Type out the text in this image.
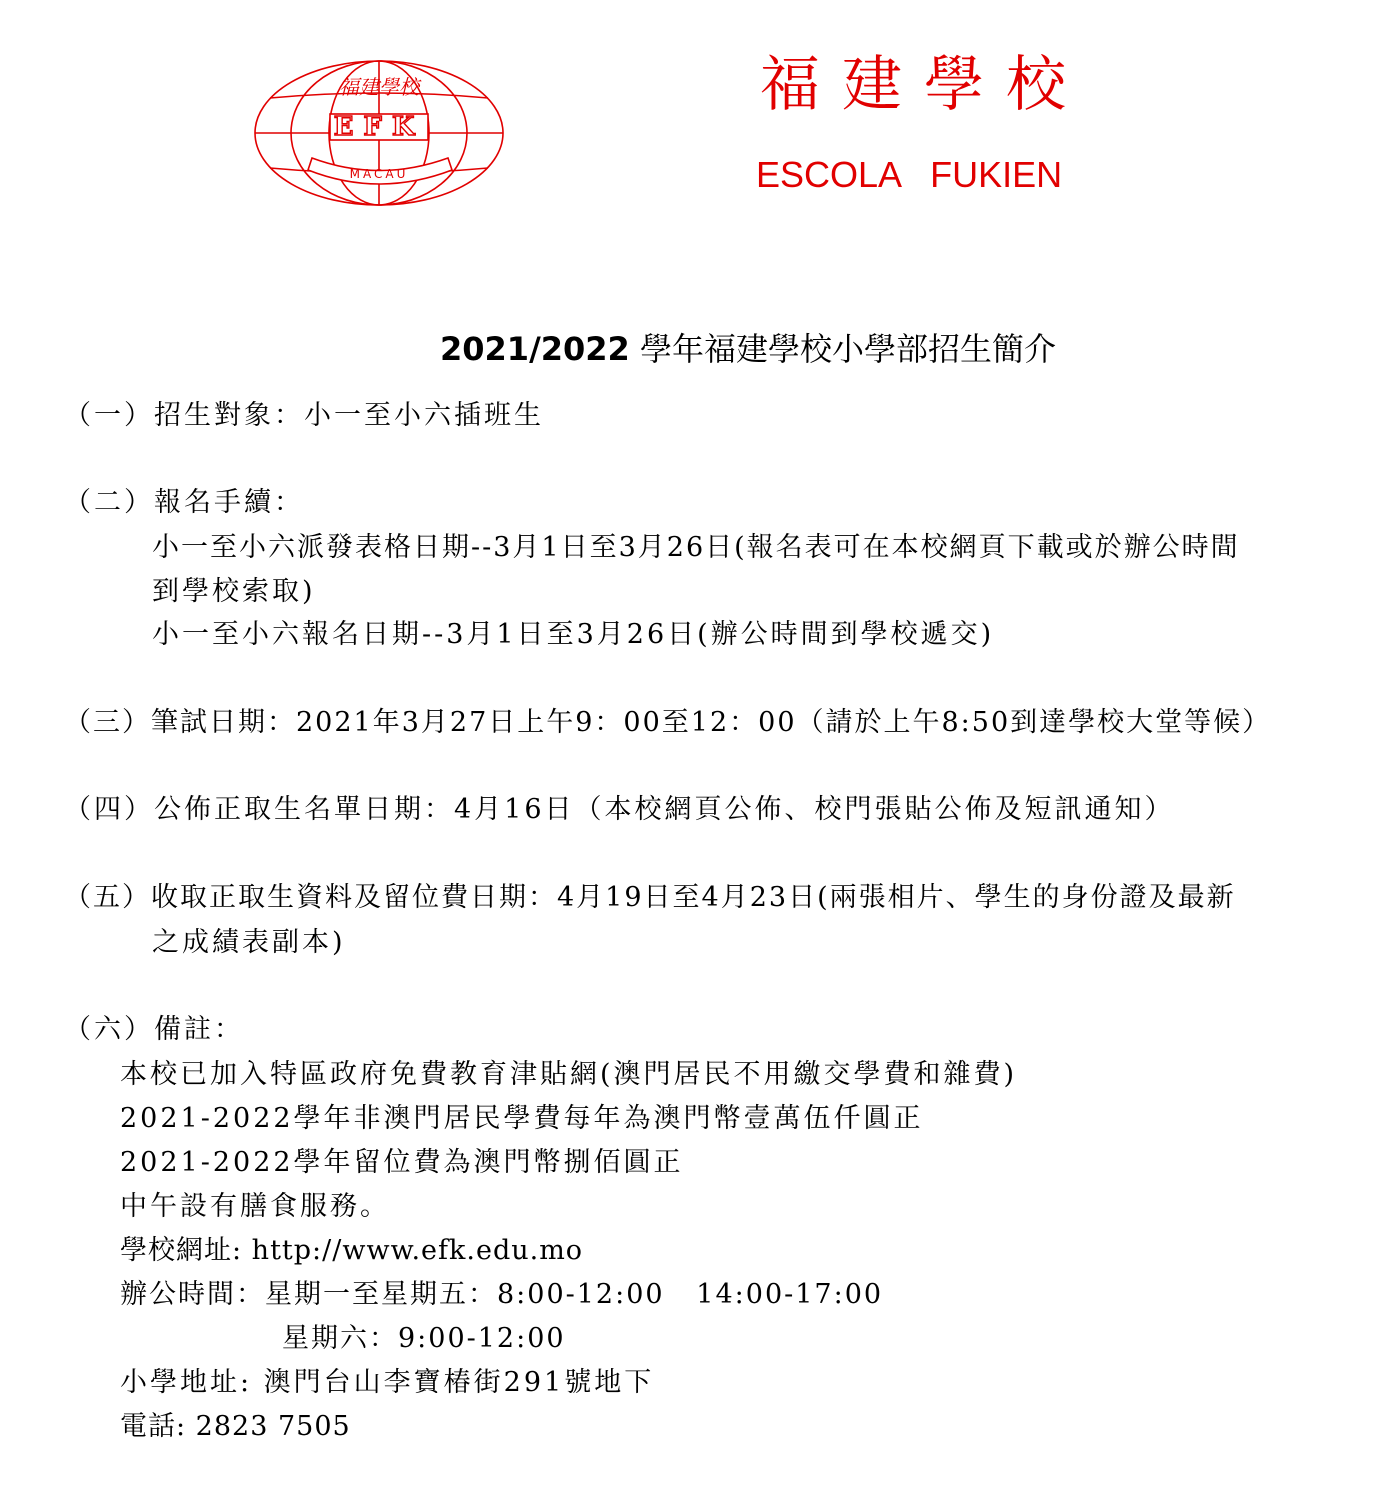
福建學校
EFK
MACAU
福建學校
ESCOLA   FUKIEN
2021/2022 學年福建學校小學部招生簡介
（一）招生對象：小一至小六插班生
（二）報名手續：
小一至小六派發表格日期--3月1日至3月26日(報名表可在本校網頁下載或於辦公時間
到學校索取)
小一至小六報名日期--3月1日至3月26日(辦公時間到學校遞交)
（三）筆試日期：2021年3月27日上午9：00至12：00（請於上午8:50到達學校大堂等候）
（四）公佈正取生名單日期：4月16日（本校網頁公佈、校門張貼公佈及短訊通知）
（五）收取正取生資料及留位費日期：4月19日至4月23日(兩張相片、學生的身份證及最新
之成績表副本)
（六）備註：
本校已加入特區政府免費教育津貼網(澳門居民不用繳交學費和雜費)
2021-2022學年非澳門居民學費每年為澳門幣壹萬伍仟圓正
2021-2022學年留位費為澳門幣捌佰圓正
中午設有膳食服務。
學校網址: http://www.efk.edu.mo
辦公時間：星期一至星期五：8:00-12:00   14:00-17:00
星期六：9:00-12:00
小學地址: 澳門台山李寶椿街291號地下
電話: 2823 7505
